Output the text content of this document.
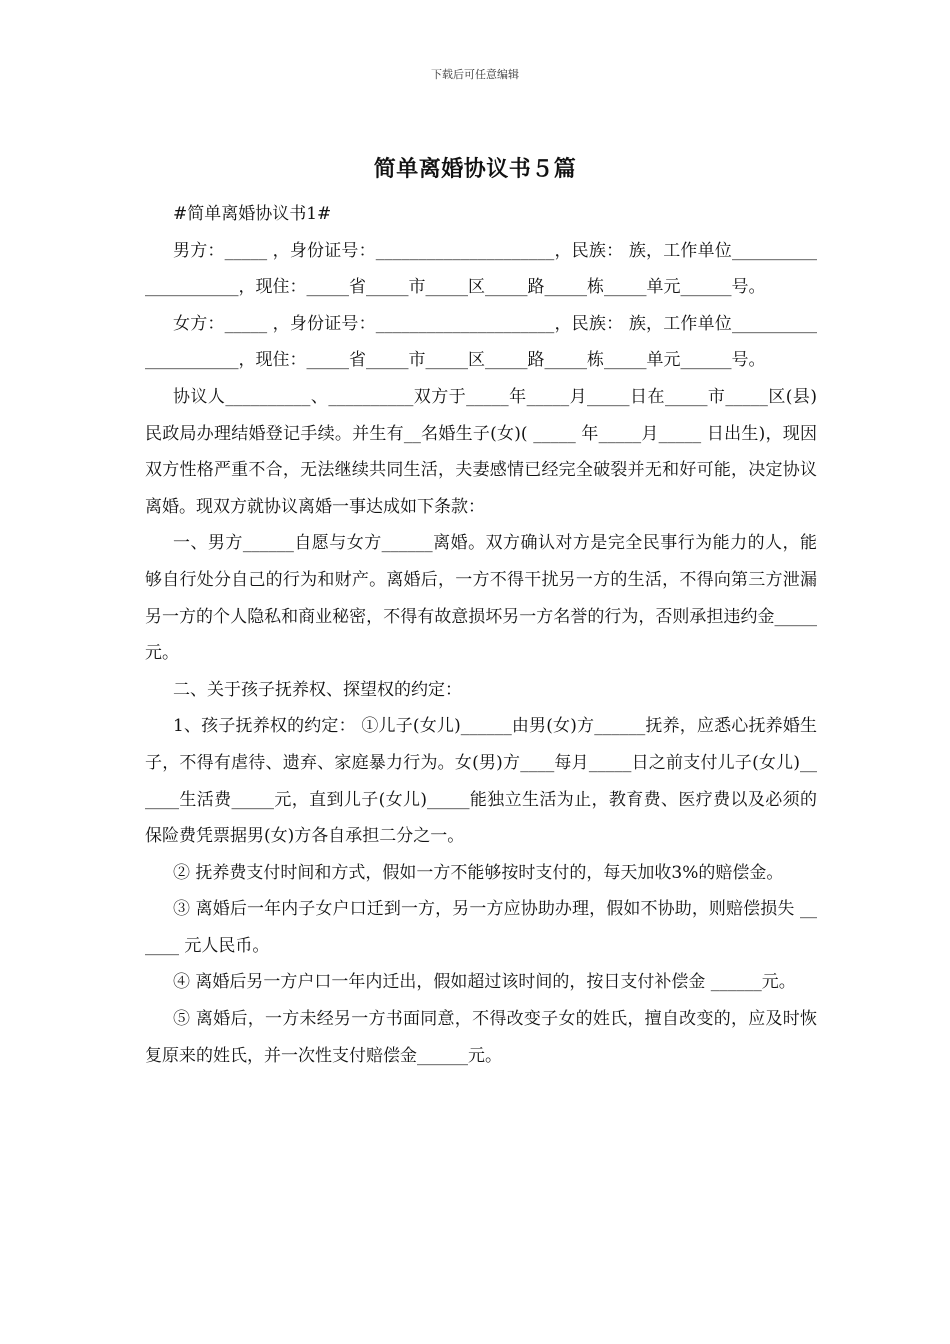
下载后可任意编辑
简单离婚协议书５篇

#简单离婚协议书1#

男方：_____ ，身份证号：_____________________，民族： 族，工作单位_____________________，现住：_____省_____市_____区_____路_____栋_____单元______号。

女方：_____ ，身份证号：_____________________，民族： 族，工作单位_____________________，现住：_____省_____市_____区_____路_____栋_____单元______号。

协议人__________、__________双方于_____年_____月_____日在_____市_____区(县)民政局办理结婚登记手续。并生有__名婚生子(女)( _____ 年_____月_____ 日出生)，现因双方性格严重不合，无法继续共同生活，夫妻感情已经完全破裂并无和好可能，决定协议离婚。现双方就协议离婚一事达成如下条款：

一、男方______自愿与女方______离婚。双方确认对方是完全民事行为能力的人，能够自行处分自己的行为和财产。离婚后，一方不得干扰另一方的生活，不得向第三方泄漏另一方的个人隐私和商业秘密，不得有故意损坏另一方名誉的行为，否则承担违约金_____ 元。

二、关于孩子抚养权、探望权的约定：

1、孩子抚养权的约定： ①儿子(女儿)______由男(女)方______抚养，应悉心抚养婚生子，不得有虐待、遗弃、家庭暴力行为。女(男)方____每月_____日之前支付儿子(女儿)______生活费_____元，直到儿子(女儿)_____能独立生活为止，教育费、医疗费以及必须的保险费凭票据男(女)方各自承担二分之一。

② 抚养费支付时间和方式，假如一方不能够按时支付的，每天加收3%的赔偿金。

③ 离婚后一年内子女户口迁到一方，另一方应协助办理，假如不协助，则赔偿损失 ______ 元人民币。

④ 离婚后另一方户口一年内迁出，假如超过该时间的，按日支付补偿金 ______元。

⑤ 离婚后，一方未经另一方书面同意，不得改变子女的姓氏，擅自改变的，应及时恢复原来的姓氏，并一次性支付赔偿金______元。
